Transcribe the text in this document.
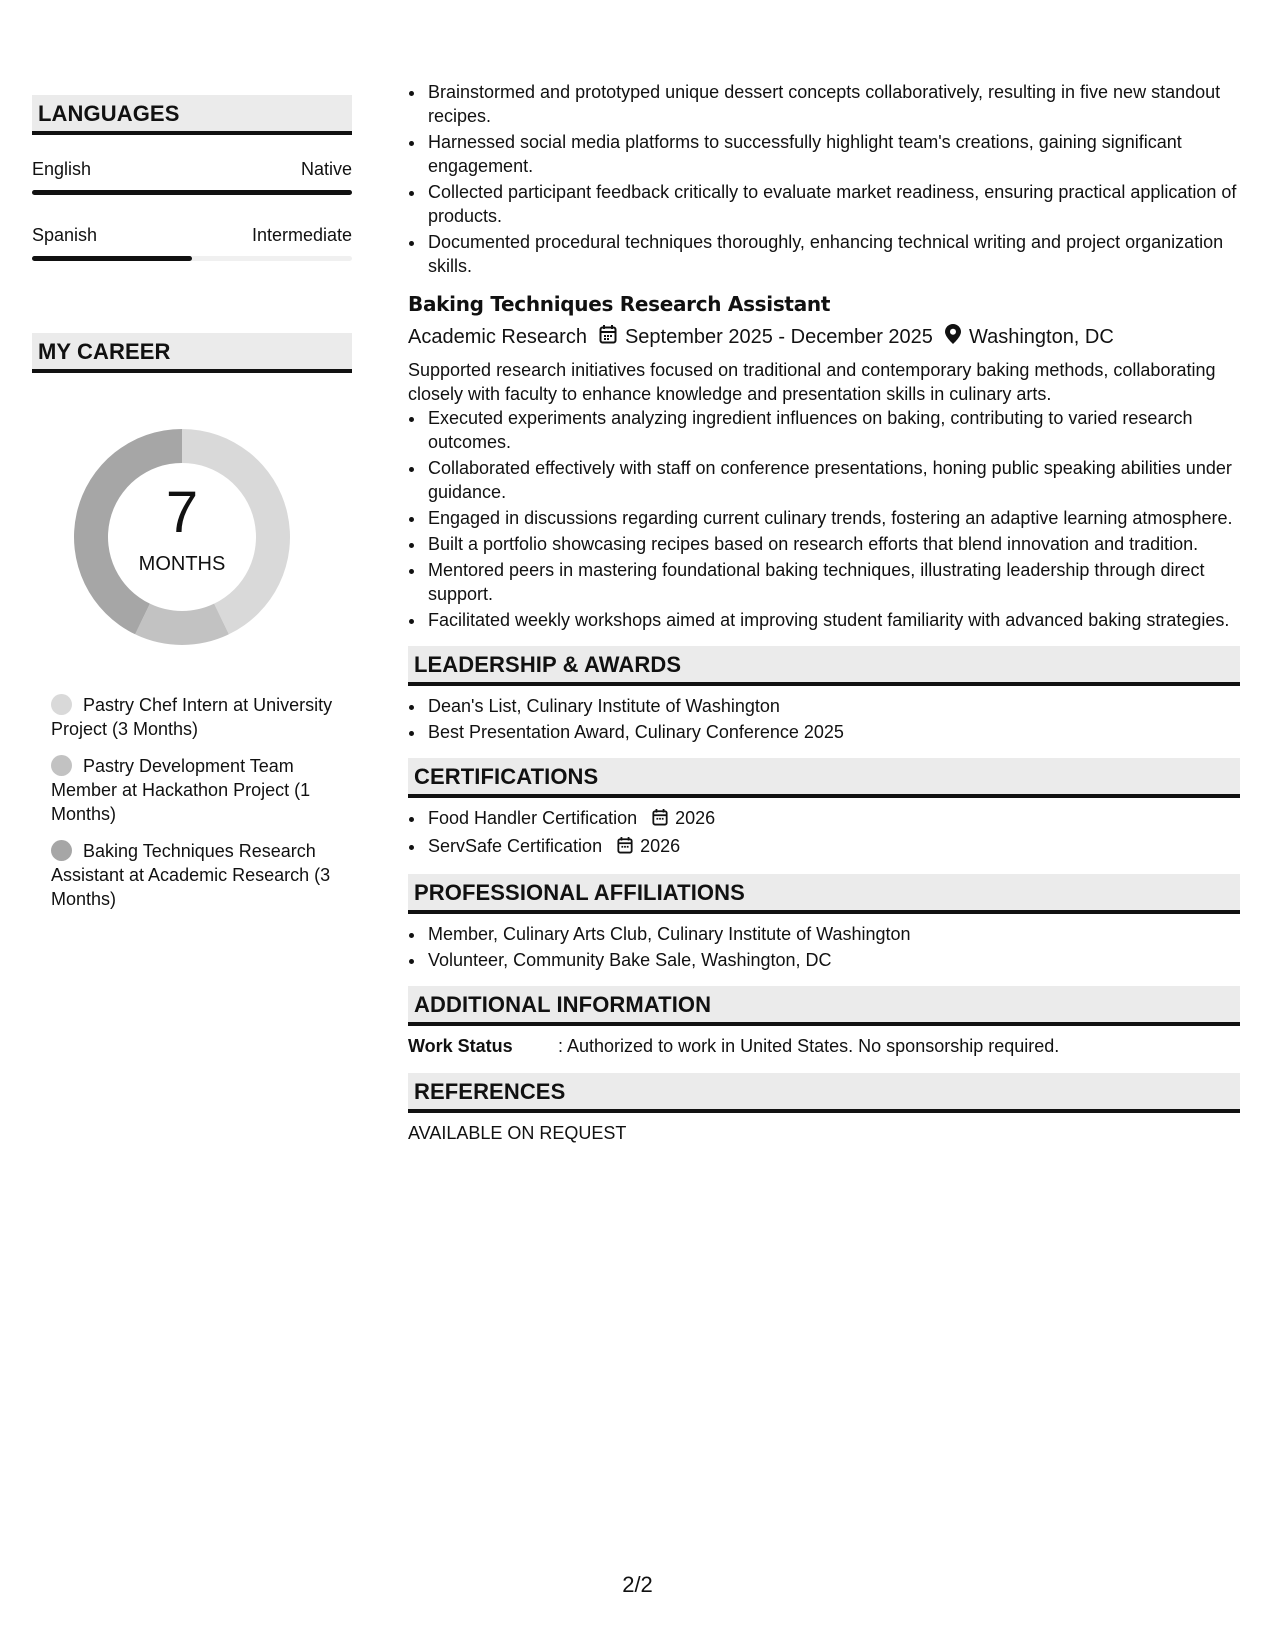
LANGUAGES
English	Native
Spanish	Intermediate
MY CAREER
7
MONTHS
Pastry Chef Intern at University Project (3 Months)
Pastry Development Team Member at Hackathon Project (1 Months)
Baking Techniques Research Assistant at Academic Research (3 Months)
• Brainstormed and prototyped unique dessert concepts collaboratively, resulting in five new standout recipes.
• Harnessed social media platforms to successfully highlight team's creations, gaining significant engagement.
• Collected participant feedback critically to evaluate market readiness, ensuring practical application of products.
• Documented procedural techniques thoroughly, enhancing technical writing and project organization skills.
Baking Techniques Research Assistant
Academic Research September 2025 - December 2025 Washington, DC
Supported research initiatives focused on traditional and contemporary baking methods, collaborating closely with faculty to enhance knowledge and presentation skills in culinary arts.
• Executed experiments analyzing ingredient influences on baking, contributing to varied research outcomes.
• Collaborated effectively with staff on conference presentations, honing public speaking abilities under guidance.
• Engaged in discussions regarding current culinary trends, fostering an adaptive learning atmosphere.
• Built a portfolio showcasing recipes based on research efforts that blend innovation and tradition.
• Mentored peers in mastering foundational baking techniques, illustrating leadership through direct support.
• Facilitated weekly workshops aimed at improving student familiarity with advanced baking strategies.
LEADERSHIP & AWARDS
• Dean's List, Culinary Institute of Washington
• Best Presentation Award, Culinary Conference 2025
CERTIFICATIONS
• Food Handler Certification 2026
• ServSafe Certification 2026
PROFESSIONAL AFFILIATIONS
• Member, Culinary Arts Club, Culinary Institute of Washington
• Volunteer, Community Bake Sale, Washington, DC
ADDITIONAL INFORMATION
Work Status	: Authorized to work in United States. No sponsorship required.
REFERENCES
AVAILABLE ON REQUEST
2/2
